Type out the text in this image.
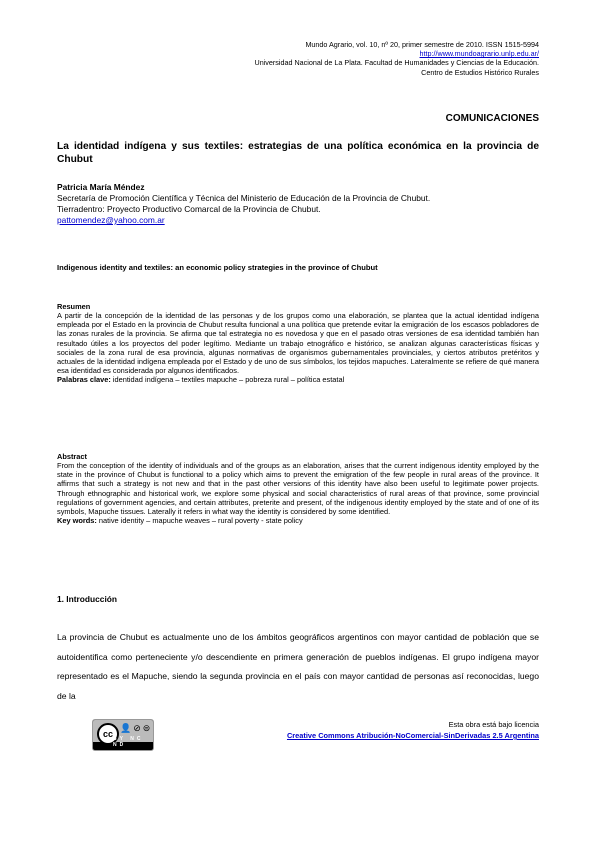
Mundo Agrario, vol. 10, nº 20, primer semestre de 2010. ISSN 1515-5994
http://www.mundoagrario.unlp.edu.ar/
Universidad Nacional de La Plata. Facultad de Humanidades y Ciencias de la Educación.
Centro de Estudios Histórico Rurales
COMUNICACIONES
La identidad indígena y sus textiles: estrategias de una política económica en la provincia de Chubut
Patricia María Méndez
Secretaría de Promoción Científica y Técnica del Ministerio de Educación de la Provincia de Chubut.
Tierradentro: Proyecto Productivo Comarcal de la Provincia de Chubut.
pattomendez@yahoo.com.ar
Indigenous identity and textiles: an economic policy strategies in the province of Chubut
Resumen
A partir de la concepción de la identidad de las personas y de los grupos como una elaboración, se plantea que la actual identidad indígena empleada por el Estado en la provincia de Chubut resulta funcional a una política que pretende evitar la emigración de los escasos pobladores de las zonas rurales de la provincia. Se afirma que tal estrategia no es novedosa y que en el pasado otras versiones de esa identidad también han resultado útiles a los proyectos del poder legítimo. Mediante un trabajo etnográfico e histórico, se analizan algunas características físicas y sociales de la zona rural de esa provincia, algunas normativas de organismos gubernamentales provinciales, y ciertos atributos pretéritos y actuales de la identidad indígena empleada por el Estado y de uno de sus símbolos, los tejidos mapuches. Lateralmente se refiere de qué manera esa identidad es considerada por algunos identificados.
Palabras clave: identidad indígena – textiles mapuche – pobreza rural – política estatal
Abstract
From the conception of the identity of individuals and of the groups as an elaboration, arises that the current indigenous identity employed by the state in the province of Chubut is functional to a policy which aims to prevent the emigration of the few people in rural areas of the province. It affirms that such a strategy is not new and that in the past other versions of this identity have also been useful to legitimate power projects. Through ethnographic and historical work, we explore some physical and social characteristics of rural areas of that province, some provincial regulations of government agencies, and certain attributes, preterite and present, of the indigenous identity employed by the state and of one of its symbols, Mapuche tissues. Laterally it refers in what way the identity is considered by some identified.
Key words: native identity – mapuche weaves – rural poverty - state policy
1. Introducción
La provincia de Chubut es actualmente uno de los ámbitos geográficos argentinos con mayor cantidad de población que se autoidentifica como perteneciente y/o descendiente en primera generación de pueblos indígenas. El grupo indígena mayor representado es el Mapuche, siendo la segunda provincia en el país con mayor cantidad de personas así reconocidas, luego de la
cc
👤⊘⊜
BY NC ND
Esta obra está bajo licencia
Creative Commons Atribución-NoComercial-SinDerivadas 2.5 Argentina
